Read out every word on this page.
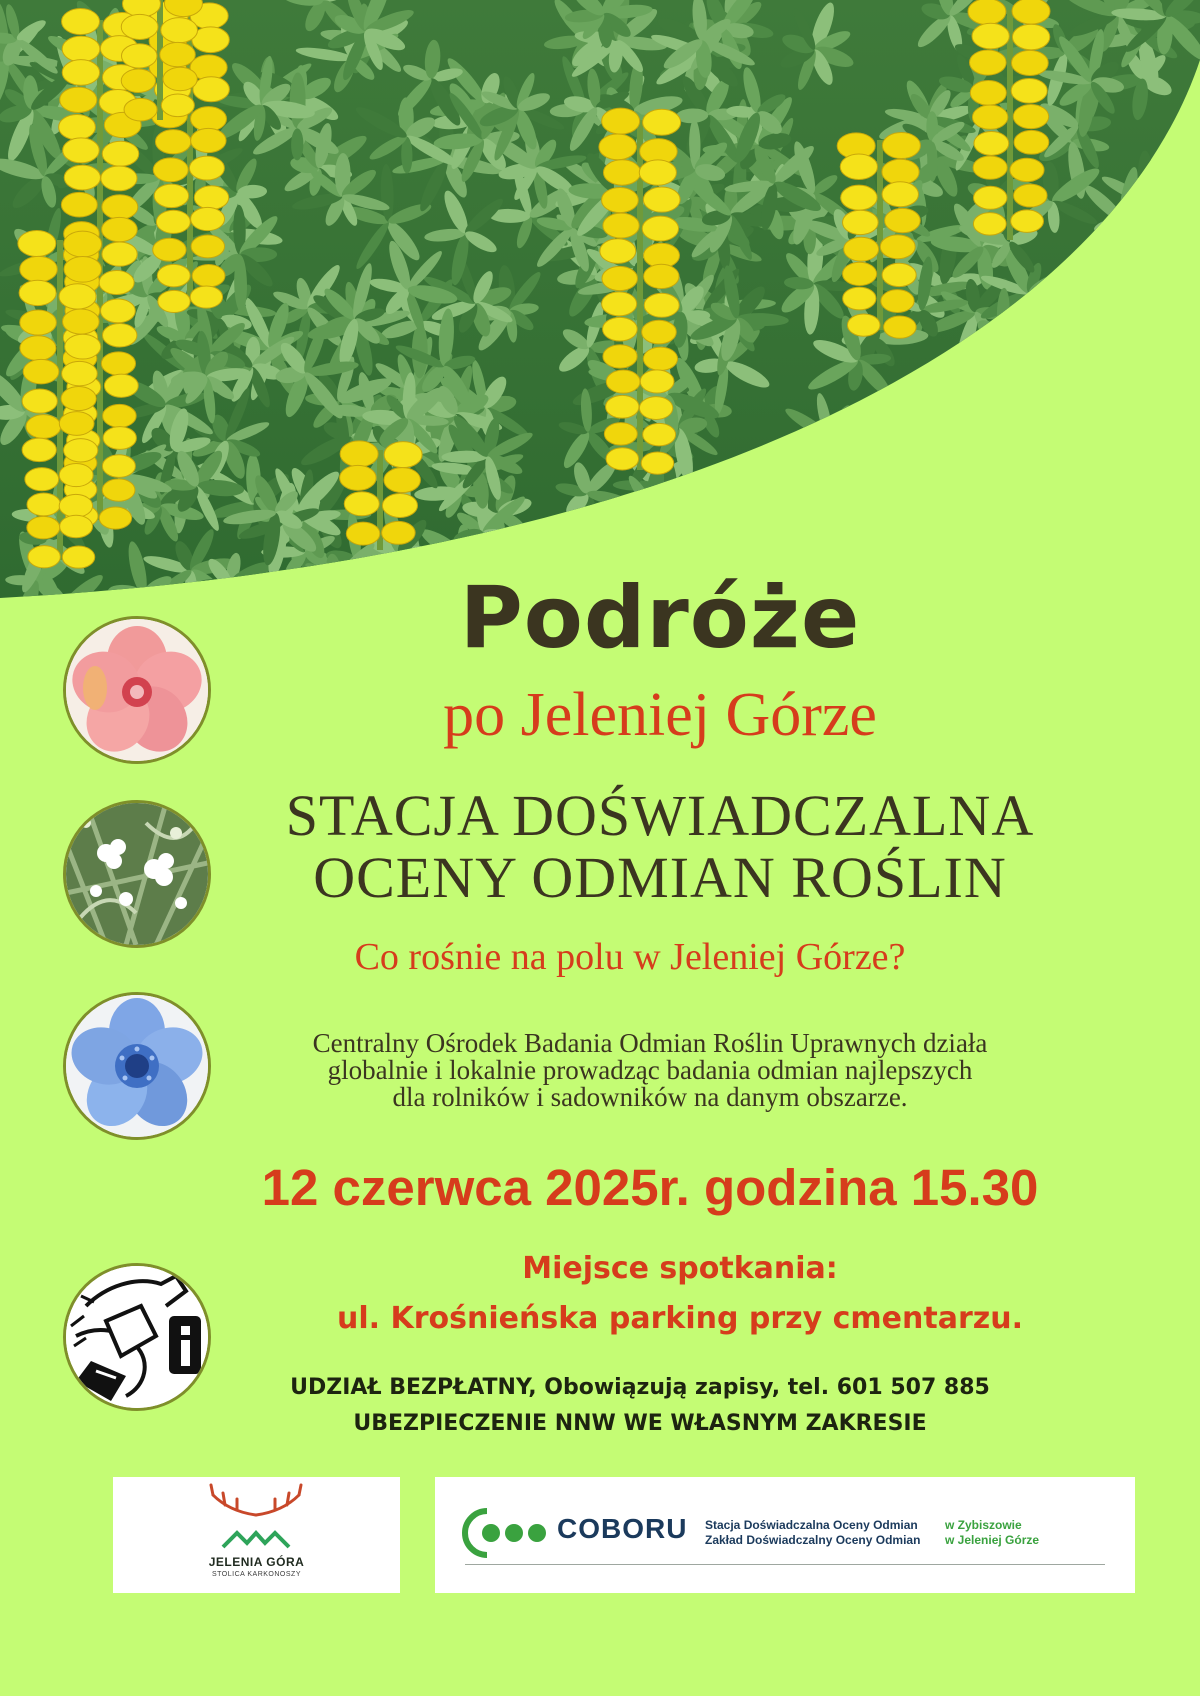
Podróże
po Jeleniej Górze
STACJA DOŚWIADCZALNA
OCENY ODMIAN ROŚLIN
Co rośnie na polu w Jeleniej Górze?
Centralny Ośrodek Badania Odmian Roślin Uprawnych działa
globalnie i lokalnie prowadząc badania odmian najlepszych
dla rolników i sadowników na danym obszarze.
12 czerwca 2025r. godzina 15.30
Miejsce spotkania:
ul. Krośnieńska parking przy cmentarzu.
UDZIAŁ BEZPŁATNY, Obowiązują zapisy, tel. 601 507 885
UBEZPIECZENIE NNW WE WŁASNYM ZAKRESIE
JELENIA GÓRA
STOLICA KARKONOSZY
COBORU Stacja Doświadczalna Oceny Odmian
Zakład Doświadczalny Oceny Odmian
w Zybiszowie
w Jeleniej Górze
